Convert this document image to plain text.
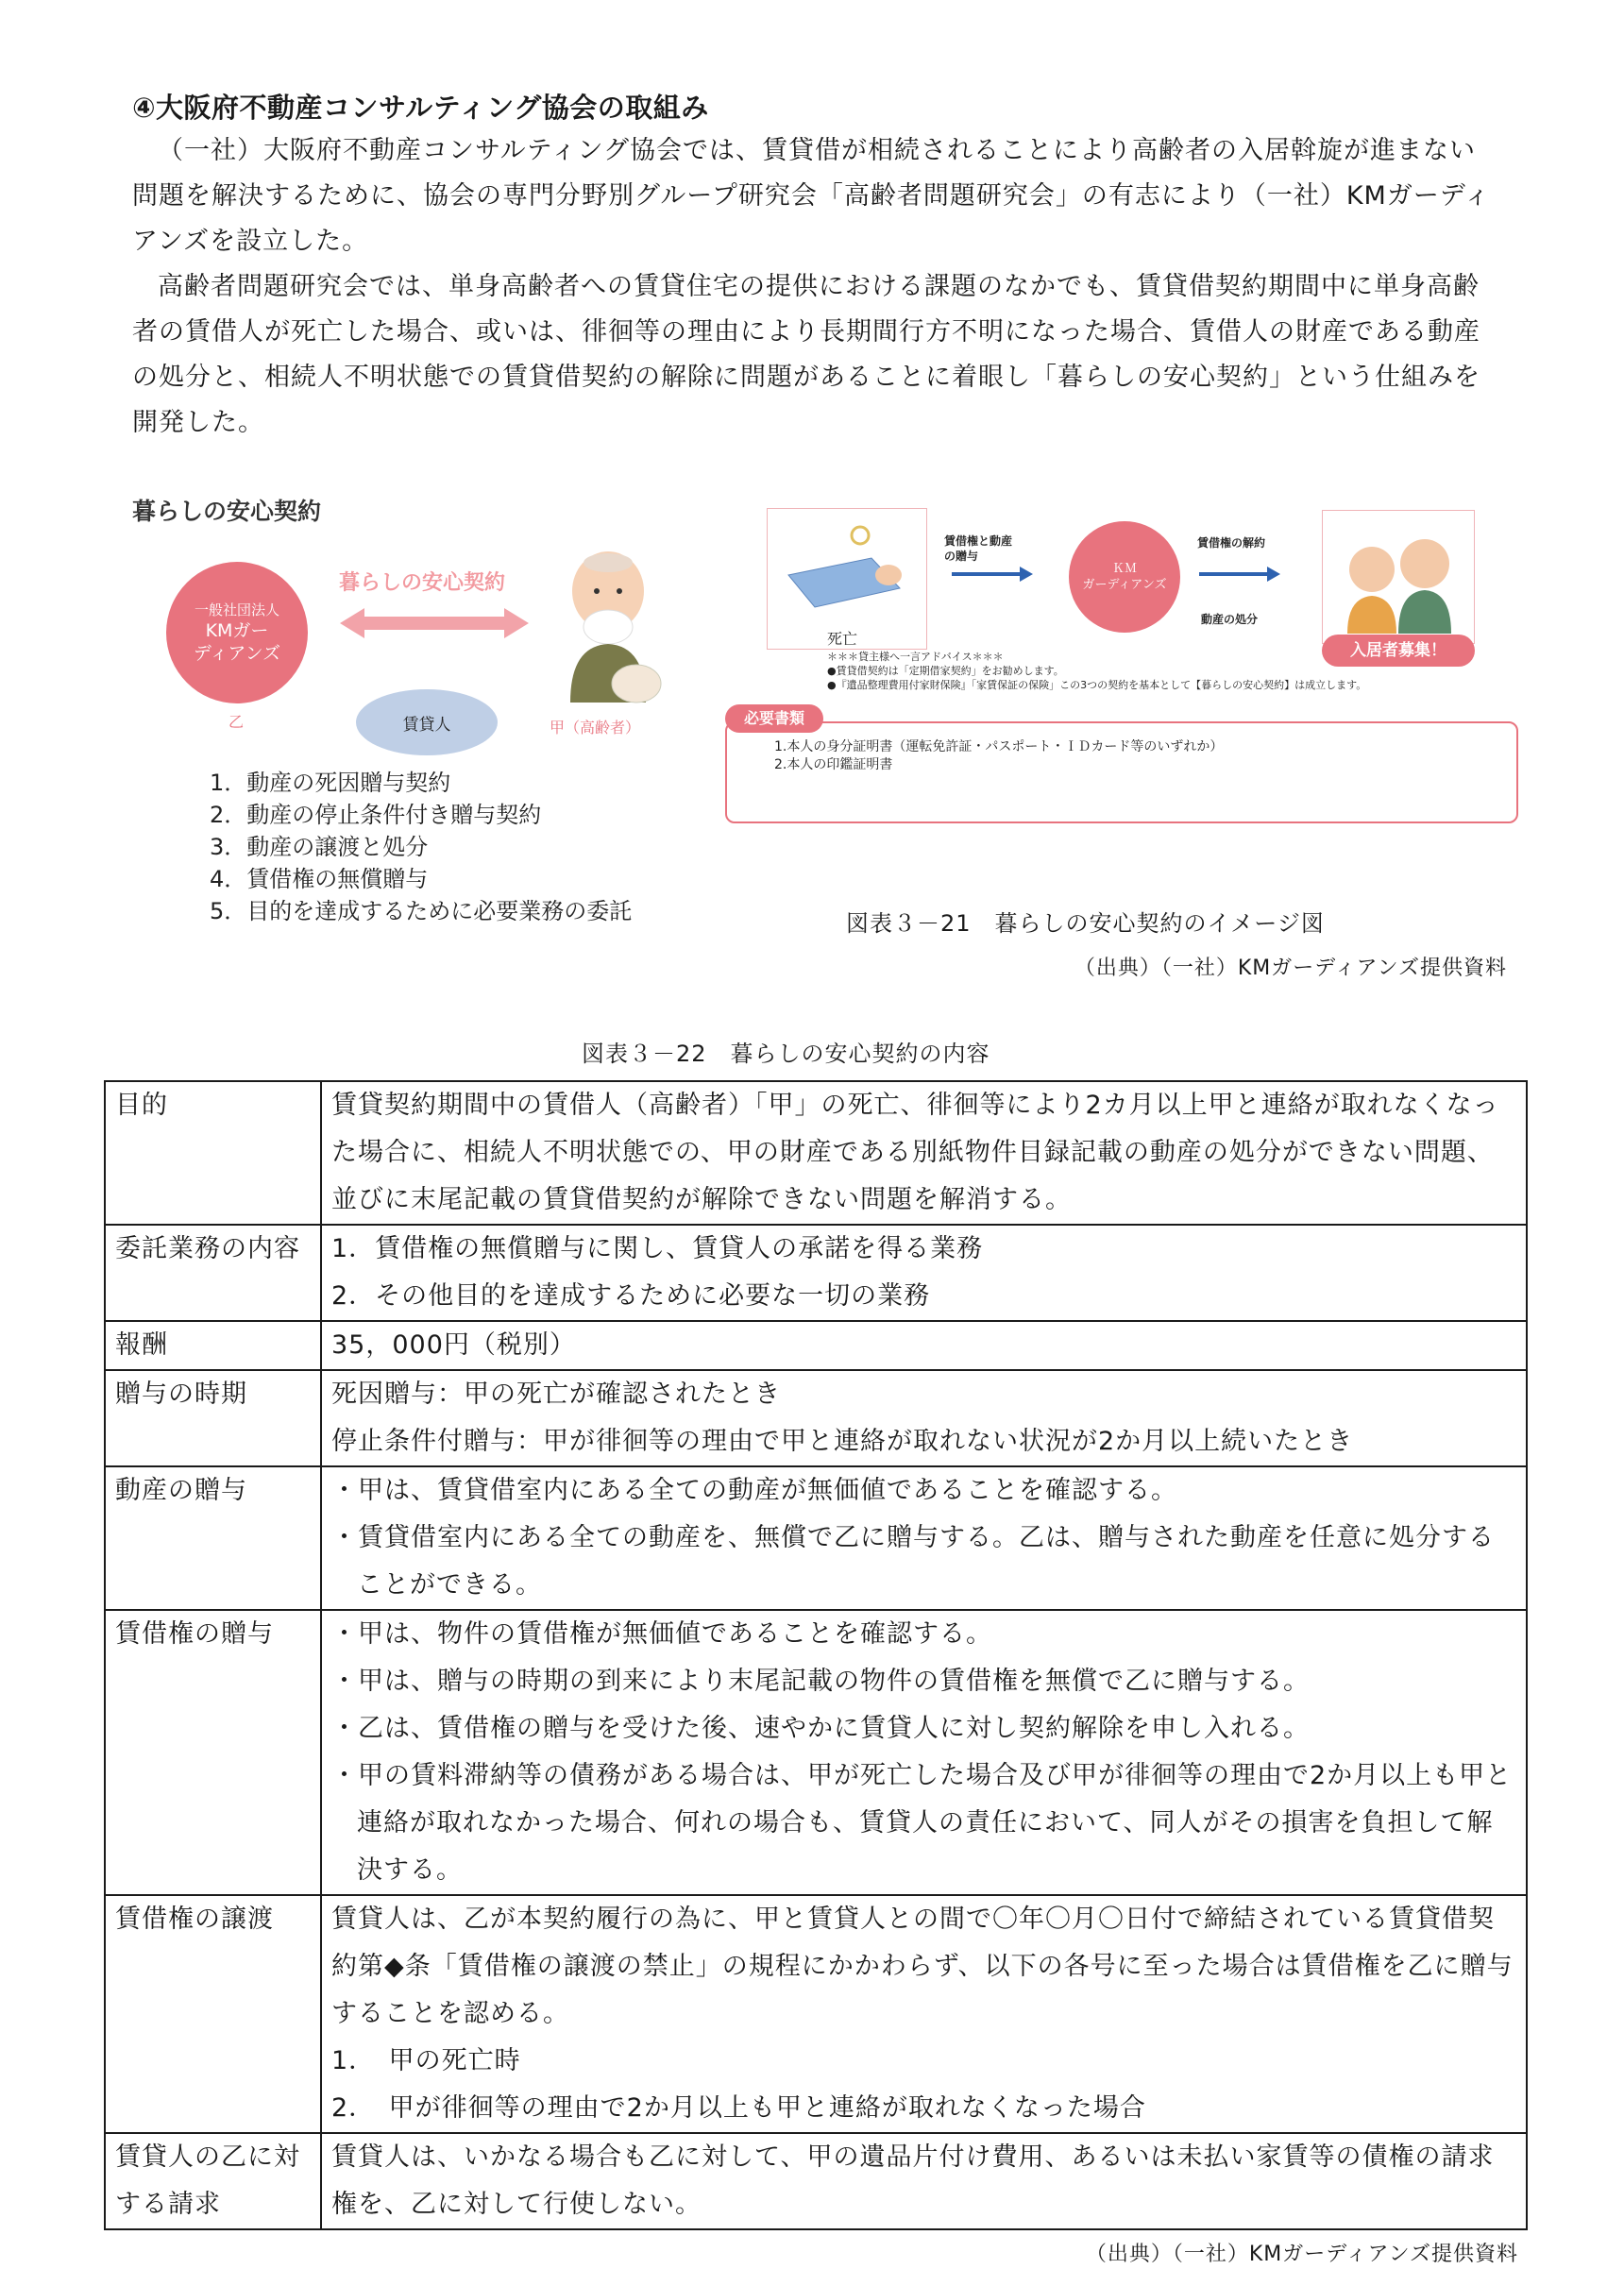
④大阪府不動産コンサルティング協会の取組み
（一社）大阪府不動産コンサルティング協会では、賃貸借が相続されることにより高齢者の入居斡旋が進まない問題を解決するために、協会の専門分野別グループ研究会「高齢者問題研究会」の有志により（一社）KMガーディアンズを設立した。
高齢者問題研究会では、単身高齢者への賃貸住宅の提供における課題のなかでも、賃貸借契約期間中に単身高齢者の賃借人が死亡した場合、或いは、徘徊等の理由により長期間行方不明になった場合、賃借人の財産である動産の処分と、相続人不明状態での賃貸借契約の解除に問題があることに着眼し「暮らしの安心契約」という仕組みを開発した。
暮らしの安心契約
一般社団法人
KMガー
ディアンズ
乙
暮らしの安心契約
賃貸人	甲（高齢者）
1．動産の死因贈与契約
2．動産の停止条件付き贈与契約
3．動産の譲渡と処分
4．賃借権の無償贈与
5．目的を達成するために必要業務の委託
死亡
賃借権と動産
の贈与
ＫＭ
ガーディアンズ
賃借権の解約
動産の処分
入居者募集！
＊＊＊貸主様へ一言アドバイス＊＊＊
●賃貸借契約は「定期借家契約」をお勧めします。
●『遺品整理費用付家財保険』「家賃保証の保険」この3つの契約を基本として【暮らしの安心契約】は成立します。
必要書類
1.本人の身分証明書（運転免許証・パスポート・ＩＤカード等のいずれか）
2.本人の印鑑証明書
図表３－21　暮らしの安心契約のイメージ図
（出典）（一社）KMガーディアンズ提供資料
図表３－22　暮らしの安心契約の内容
目的	賃貸契約期間中の賃借人（高齢者）「甲」の死亡、徘徊等により2カ月以上甲と連絡が取れなくなった場合に、相続人不明状態での、甲の財産である別紙物件目録記載の動産の処分ができない問題、並びに末尾記載の賃貸借契約が解除できない問題を解消する。

委託業務の内容	1．賃借権の無償贈与に関し、賃貸人の承諾を得る業務
2．その他目的を達成するために必要な一切の業務

報酬	35，000円（税別）

贈与の時期	死因贈与：甲の死亡が確認されたとき
停止条件付贈与：甲が徘徊等の理由で甲と連絡が取れない状況が2か月以上続いたとき

動産の贈与	・甲は、賃貸借室内にある全ての動産が無価値であることを確認する。
・賃貸借室内にある全ての動産を、無償で乙に贈与する。乙は、贈与された動産を任意に処分することができる。

賃借権の贈与	・甲は、物件の賃借権が無価値であることを確認する。
・甲は、贈与の時期の到来により末尾記載の物件の賃借権を無償で乙に贈与する。
・乙は、賃借権の贈与を受けた後、速やかに賃貸人に対し契約解除を申し入れる。
・甲の賃料滞納等の債務がある場合は、甲が死亡した場合及び甲が徘徊等の理由で2か月以上も甲と連絡が取れなかった場合、何れの場合も、賃貸人の責任において、同人がその損害を負担して解決する。

賃借権の譲渡	賃貸人は、乙が本契約履行の為に、甲と賃貸人との間で〇年〇月〇日付で締結されている賃貸借契約第◆条「賃借権の譲渡の禁止」の規程にかかわらず、以下の各号に至った場合は賃借権を乙に贈与することを認める。
1．　甲の死亡時
2．　甲が徘徊等の理由で2か月以上も甲と連絡が取れなくなった場合

賃貸人の乙に対する請求	賃貸人は、いかなる場合も乙に対して、甲の遺品片付け費用、あるいは未払い家賃等の債権の請求権を、乙に対して行使しない。
（出典）（一社）KMガーディアンズ提供資料
